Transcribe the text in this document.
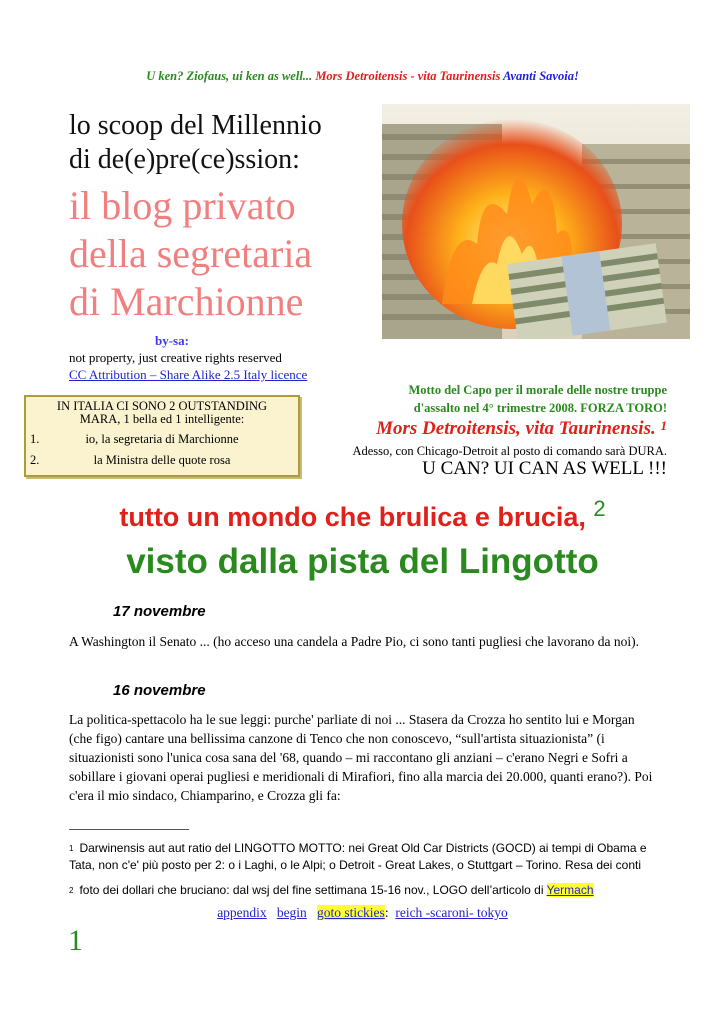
U ken? Ziofaus, ui ken as well... Mors Detroitensis - vita Taurinensis Avanti Savoia!
lo scoop del Millennio
di de(e)pre(ce)ssion:
il blog privato
della segretaria
di Marchionne
by-sa:
not property, just creative rights reserved
CC Attribution – Share Alike 2.5 Italy licence
IN ITALIA CI SONO 2 OUTSTANDING
MARA, 1 bella ed 1 intelligente:
1.	io, la segretaria di Marchionne
2.	la Ministra delle quote rosa
Motto del Capo per il morale delle nostre truppe
d'assalto nel 4° trimestre 2008. FORZA TORO!
Mors Detroitensis, vita Taurinensis. $^1$
Adesso, con Chicago-Detroit al posto di comando sarà DURA.
U CAN? UI CAN AS WELL !!!
tutto un mondo che brulica e brucia, $^2$
visto dalla pista del Lingotto
17 novembre
A Washington il Senato ... (ho acceso una candela a Padre Pio, ci sono tanti pugliesi che lavorano da noi).
16 novembre
La politica-spettacolo ha le sue leggi: purche' parliate di noi ... Stasera da Crozza ho sentito lui e Morgan (che figo) cantare una bellissima canzone di Tenco che non conoscevo, “sull'artista situazionista” (i situazionisti sono l'unica cosa sana del '68, quando – mi raccontano gli anziani – c'erano Negri e Sofri a sobillare i giovani operai pugliesi e meridionali di Mirafiori, fino alla marcia dei 20.000, quanti erano?). Poi c'era il mio sindaco, Chiamparino, e Crozza gli fa:
$^1$ Darwinensis aut aut ratio del LINGOTTO MOTTO: nei Great Old Car Districts (GOCD) ai tempi di Obama e Tata, non c'e' più posto per 2: o i Laghi, o le Alpi; o Detroit - Great Lakes, o Stuttgart – Torino. Resa dei conti
$^2$ foto dei dollari che bruciano: dal wsj del fine settimana 15-16 nov., LOGO dell’articolo di Yermach
appendix begin goto stickies: reich -scaroni- tokyo
1
